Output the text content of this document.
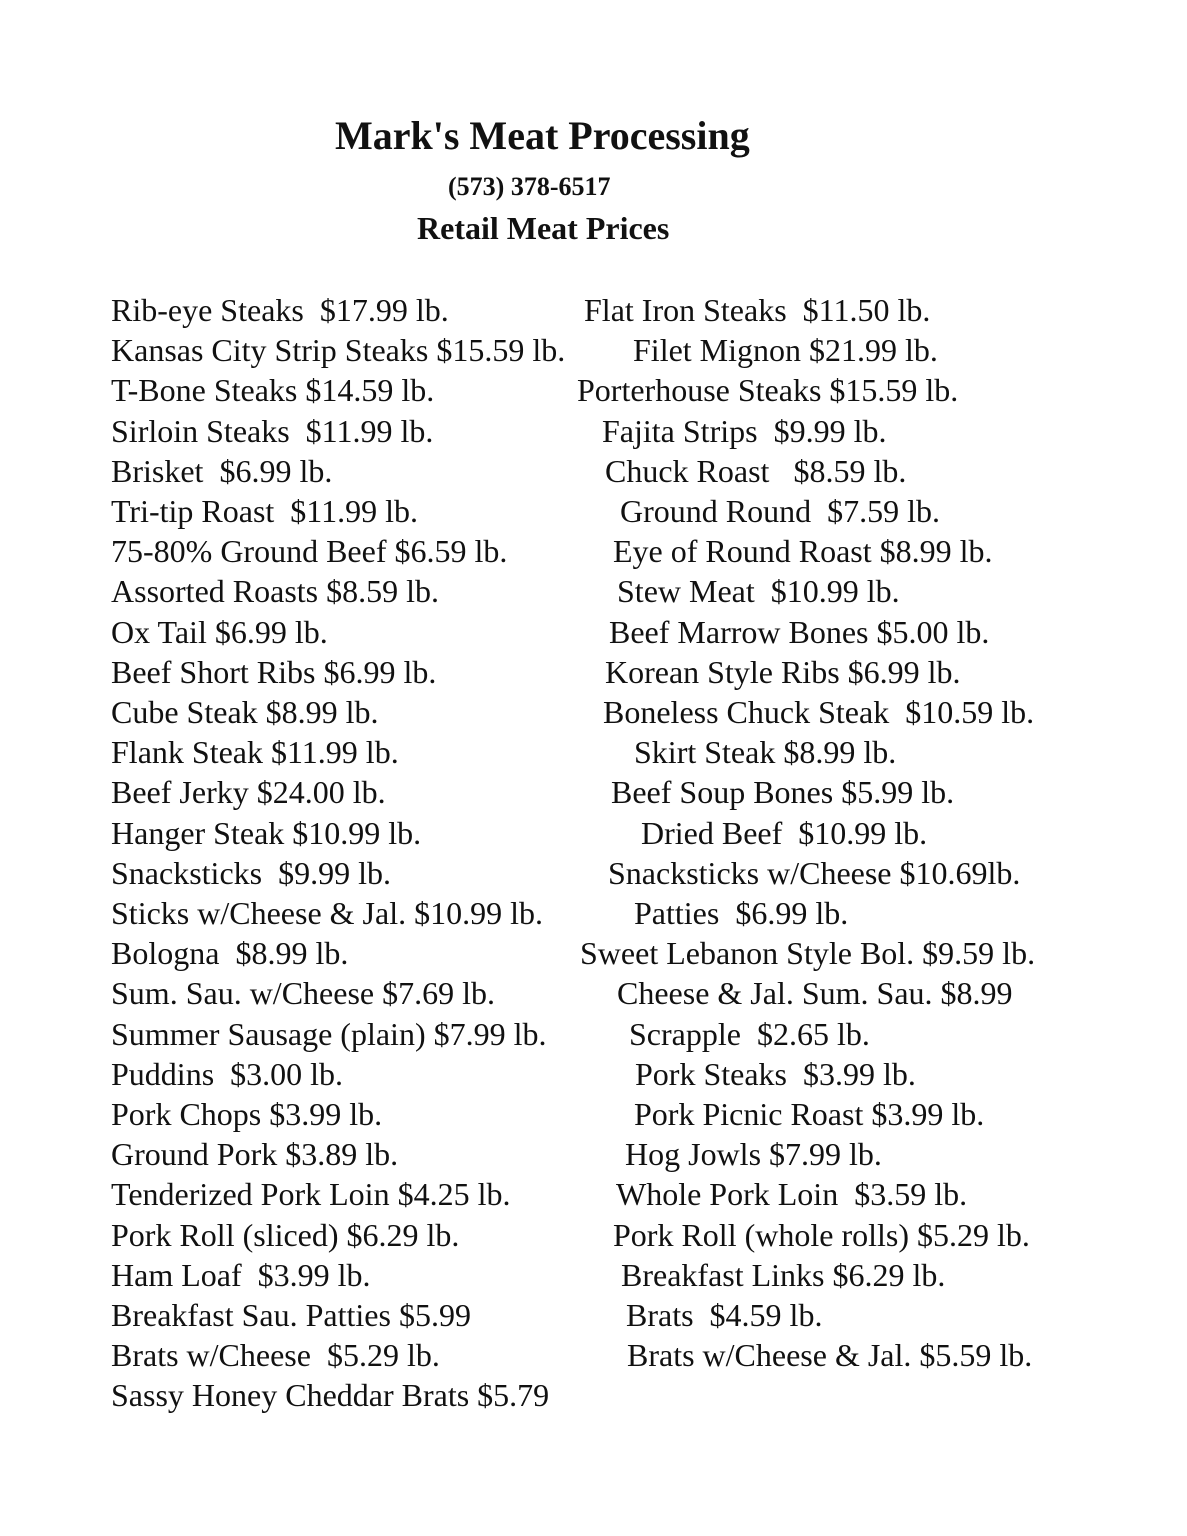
Mark's Meat Processing
(573) 378-6517
Retail Meat Prices
Rib-eye Steaks  $17.99 lb.	Flat Iron Steaks  $11.50 lb.
Kansas City Strip Steaks $15.59 lb. Filet Mignon $21.99 lb.
T-Bone Steaks $14.59 lb.	Porterhouse Steaks $15.59 lb.
Sirloin Steaks  $11.99 lb.	Fajita Strips  $9.99 lb.
Brisket  $6.99 lb.	Chuck Roast   $8.59 lb.
Tri-tip Roast  $11.99 lb.	Ground Round  $7.59 lb.
75-80% Ground Beef $6.59 lb.	Eye of Round Roast $8.99 lb.
Assorted Roasts $8.59 lb.	Stew Meat  $10.99 lb.
Ox Tail $6.99 lb.	Beef Marrow Bones $5.00 lb.
Beef Short Ribs $6.99 lb.	Korean Style Ribs $6.99 lb.
Cube Steak $8.99 lb.	Boneless Chuck Steak  $10.59 lb.
Flank Steak $11.99 lb.	Skirt Steak $8.99 lb.
Beef Jerky $24.00 lb.	Beef Soup Bones $5.99 lb.
Hanger Steak $10.99 lb.	Dried Beef  $10.99 lb.
Snacksticks  $9.99 lb.	Snacksticks w/Cheese $10.69lb.
Sticks w/Cheese & Jal. $10.99 lb.	Patties  $6.99 lb.
Bologna  $8.99 lb.	Sweet Lebanon Style Bol. $9.59 lb.
Sum. Sau. w/Cheese $7.69 lb.	Cheese & Jal. Sum. Sau. $8.99
Summer Sausage (plain) $7.99 lb.	Scrapple  $2.65 lb.
Puddins  $3.00 lb.	Pork Steaks  $3.99 lb.
Pork Chops $3.99 lb.	Pork Picnic Roast $3.99 lb.
Ground Pork $3.89 lb.	Hog Jowls $7.99 lb.
Tenderized Pork Loin $4.25 lb.	Whole Pork Loin  $3.59 lb.
Pork Roll (sliced) $6.29 lb.	Pork Roll (whole rolls) $5.29 lb.
Ham Loaf  $3.99 lb.	Breakfast Links $6.29 lb.
Breakfast Sau. Patties $5.99	Brats  $4.59 lb.
Brats w/Cheese  $5.29 lb.	Brats w/Cheese & Jal. $5.59 lb.
Sassy Honey Cheddar Brats $5.79
